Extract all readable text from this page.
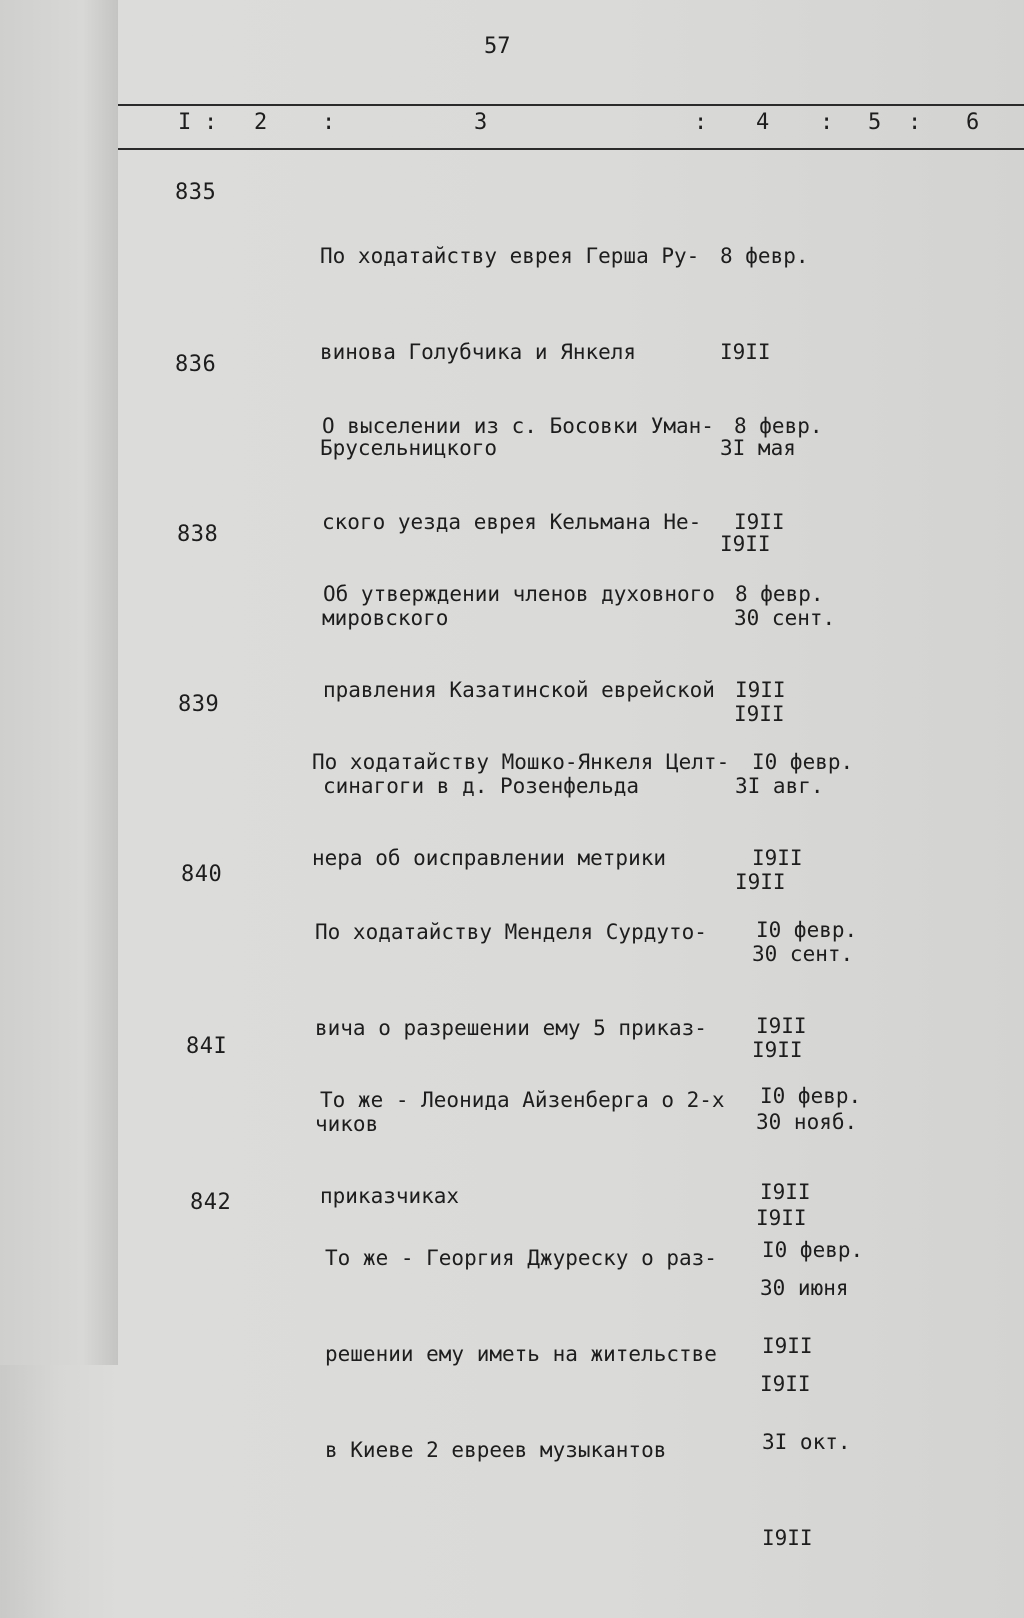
57
I : 2 :	3	: 4 : 5 : 6
835

По ходатайству еврея Герша Ру-

винова Голубчика и Янкеля

Брусельницкого

8 февр.

I9II

3I мая

I9II

836

О выселении из с. Босовки Уман-

ского уезда еврея Кельмана Не-

мировского

8 февр.

I9II

30 сент.

I9II

838

Об утверждении членов духовного

правления Казатинской еврейской

синагоги в д. Розенфельда

8 февр.

I9II

3I авг.

I9II

839

По ходатайству Мошко-Янкеля Целт-

нера об оисправлении метрики

I0 февр.

I9II

30 сент.

I9II

840

По ходатайству Менделя Сурдуто-

вича о разрешении ему 5 приказ-

чиков

I0 февр.

I9II

30 нояб.

I9II

84I

То же - Леонида Айзенберга о 2-х

приказчиках

I0 февр.

I9II

30 июня

I9II

842

То же - Георгия Джуреску о раз-

решении ему иметь на жительстве

в Киеве 2 евреев музыкантов

I0 февр.

I9II

3I окт.

I9II
